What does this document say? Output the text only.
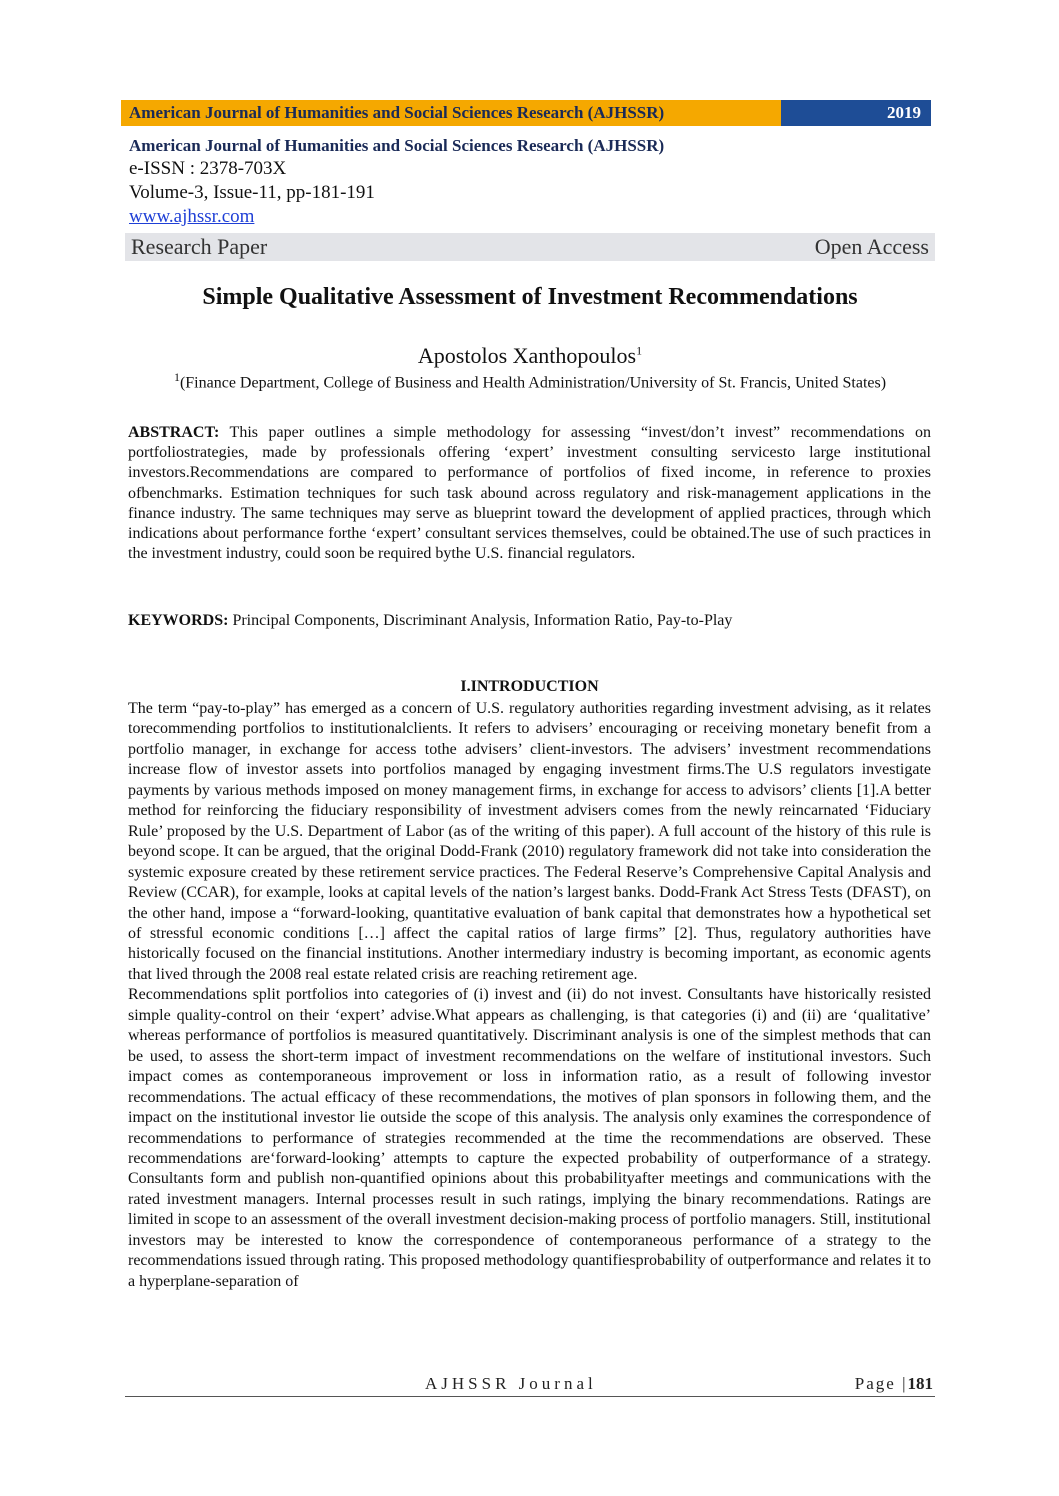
American Journal of Humanities and Social Sciences Research (AJHSSR)	2019
American Journal of Humanities and Social Sciences Research (AJHSSR)
e-ISSN : 2378-703X
Volume-3, Issue-11, pp-181-191
www.ajhssr.com
Research Paper	Open Access
Simple Qualitative Assessment of Investment Recommendations
Apostolos Xanthopoulos$^1$
$^1$(Finance Department, College of Business and Health Administration/University of St. Francis, United States)
ABSTRACT: This paper outlines a simple methodology for assessing “invest/don’t invest” recommendations on portfoliostrategies, made by professionals offering ‘expert’ investment consulting servicesto large institutional investors.Recommendations are compared to performance of portfolios of fixed income, in reference to proxies ofbenchmarks. Estimation techniques for such task abound across regulatory and risk-management applications in the finance industry. The same techniques may serve as blueprint toward the development of applied practices, through which indications about performance forthe ‘expert’ consultant services themselves, could be obtained.The use of such practices in the investment industry, could soon be required bythe U.S. financial regulators.
KEYWORDS: Principal Components, Discriminant Analysis, Information Ratio, Pay-to-Play
I.INTRODUCTION

The term “pay-to-play” has emerged as a concern of U.S. regulatory authorities regarding investment advising, as it relates torecommending portfolios to institutionalclients. It refers to advisers’ encouraging or receiving monetary benefit from a portfolio manager, in exchange for access tothe advisers’ client-investors. The advisers’ investment recommendations increase flow of investor assets into portfolios managed by engaging investment firms.The U.S regulators investigate payments by various methods imposed on money management firms, in exchange for access to advisors’ clients [1].A better method for reinforcing the fiduciary responsibility of investment advisers comes from the newly reincarnated ‘Fiduciary Rule’ proposed by the U.S. Department of Labor (as of the writing of this paper). A full account of the history of this rule is beyond scope. It can be argued, that the original Dodd-Frank (2010) regulatory framework did not take into consideration the systemic exposure created by these retirement service practices. The Federal Reserve’s Comprehensive Capital Analysis and Review (CCAR), for example, looks at capital levels of the nation’s largest banks. Dodd-Frank Act Stress Tests (DFAST), on the other hand, impose a “forward-looking, quantitative evaluation of bank capital that demonstrates how a hypothetical set of stressful economic conditions […] affect the capital ratios of large firms” [2]. Thus, regulatory authorities have historically focused on the financial institutions. Another intermediary industry is becoming important, as economic agents that lived through the 2008 real estate related crisis are reaching retirement age.

Recommendations split portfolios into categories of (i) invest and (ii) do not invest. Consultants have historically resisted simple quality-control on their ‘expert’ advise.What appears as challenging, is that categories (i) and (ii) are ‘qualitative’ whereas performance of portfolios is measured quantitatively. Discriminant analysis is one of the simplest methods that can be used, to assess the short-term impact of investment recommendations on the welfare of institutional investors. Such impact comes as contemporaneous improvement or loss in information ratio, as a result of following investor recommendations. The actual efficacy of these recommendations, the motives of plan sponsors in following them, and the impact on the institutional investor lie outside the scope of this analysis. The analysis only examines the correspondence of recommendations to performance of strategies recommended at the time the recommendations are observed. These recommendations are‘forward-looking’ attempts to capture the expected probability of outperformance of a strategy. Consultants form and publish non-quantified opinions about this probabilityafter meetings and communications with the rated investment managers. Internal processes result in such ratings, implying the binary recommendations. Ratings are limited in scope to an assessment of the overall investment decision-making process of portfolio managers. Still, institutional investors may be interested to know the correspondence of contemporaneous performance of a strategy to the recommendations issued through rating. This proposed methodology quantifiesprobability of outperformance and relates it to a hyperplane-separation of

AJHSSR Journal	Page |181
